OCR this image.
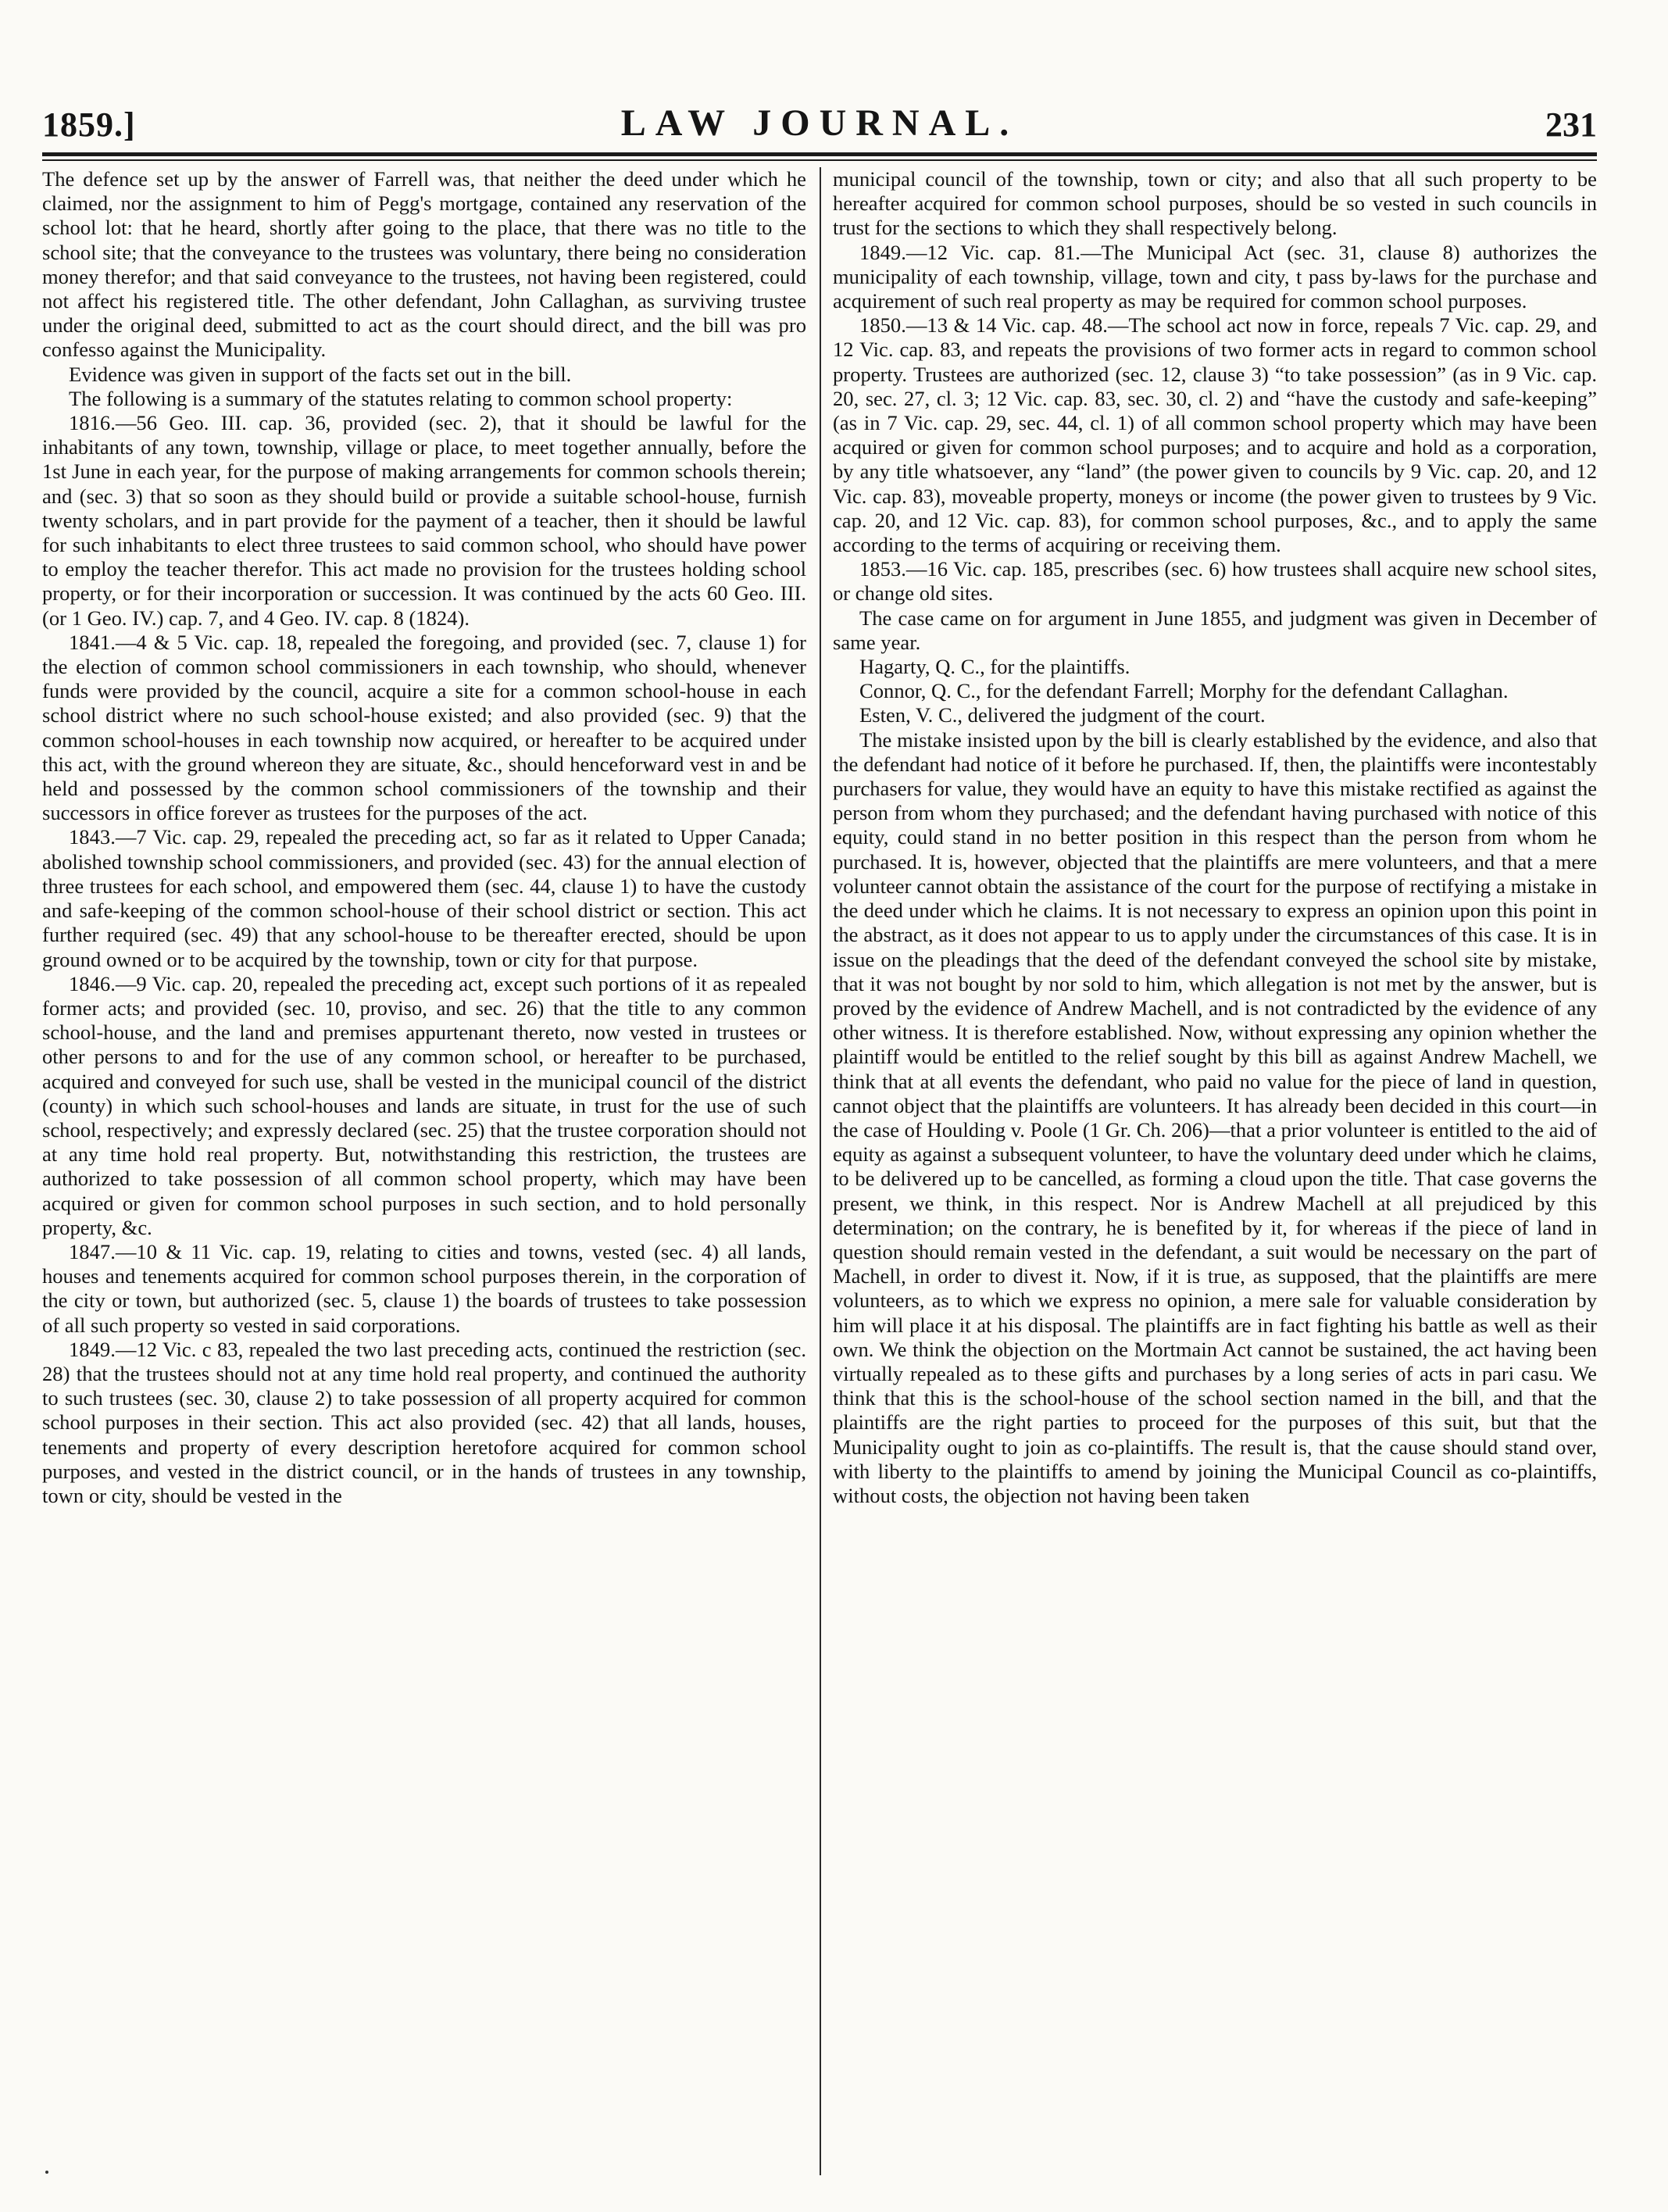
1859.]	LAW JOURNAL.	231

The defence set up by the answer of Farrell was, that neither the deed under which he claimed, nor the assignment to him of Pegg's mortgage, contained any reservation of the school lot: that he heard, shortly after going to the place, that there was no title to the school site; that the conveyance to the trustees was voluntary, there being no consideration money therefor; and that said conveyance to the trustees, not having been registered, could not affect his registered title. The other defendant, John Callaghan, as surviving trustee under the original deed, submitted to act as the court should direct, and the bill was pro confesso against the Municipality.

Evidence was given in support of the facts set out in the bill.

The following is a summary of the statutes relating to common school property:

1816.—56 Geo. III. cap. 36, provided (sec. 2), that it should be lawful for the inhabitants of any town, township, village or place, to meet together annually, before the 1st June in each year, for the purpose of making arrangements for common schools therein; and (sec. 3) that so soon as they should build or provide a suitable school-house, furnish twenty scholars, and in part provide for the payment of a teacher, then it should be lawful for such inhabitants to elect three trustees to said common school, who should have power to employ the teacher therefor. This act made no provision for the trustees holding school property, or for their incorporation or succession. It was continued by the acts 60 Geo. III. (or 1 Geo. IV.) cap. 7, and 4 Geo. IV. cap. 8 (1824).

1841.—4 & 5 Vic. cap. 18, repealed the foregoing, and provided (sec. 7, clause 1) for the election of common school commissioners in each township, who should, whenever funds were provided by the council, acquire a site for a common school-house in each school district where no such school-house existed; and also provided (sec. 9) that the common school-houses in each township now acquired, or hereafter to be acquired under this act, with the ground whereon they are situate, &c., should henceforward vest in and be held and possessed by the common school commissioners of the township and their successors in office forever as trustees for the purposes of the act.

1843.—7 Vic. cap. 29, repealed the preceding act, so far as it related to Upper Canada; abolished township school commissioners, and provided (sec. 43) for the annual election of three trustees for each school, and empowered them (sec. 44, clause 1) to have the custody and safe-keeping of the common school-house of their school district or section. This act further required (sec. 49) that any school-house to be thereafter erected, should be upon ground owned or to be acquired by the township, town or city for that purpose.

1846.—9 Vic. cap. 20, repealed the preceding act, except such portions of it as repealed former acts; and provided (sec. 10, proviso, and sec. 26) that the title to any common school-house, and the land and premises appurtenant thereto, now vested in trustees or other persons to and for the use of any common school, or hereafter to be purchased, acquired and conveyed for such use, shall be vested in the municipal council of the district (county) in which such school-houses and lands are situate, in trust for the use of such school, respectively; and expressly declared (sec. 25) that the trustee corporation should not at any time hold real property. But, notwithstanding this restriction, the trustees are authorized to take possession of all common school property, which may have been acquired or given for common school purposes in such section, and to hold personally property, &c.

1847.—10 & 11 Vic. cap. 19, relating to cities and towns, vested (sec. 4) all lands, houses and tenements acquired for common school purposes therein, in the corporation of the city or town, but authorized (sec. 5, clause 1) the boards of trustees to take possession of all such property so vested in said corporations.

1849.—12 Vic. c 83, repealed the two last preceding acts, continued the restriction (sec. 28) that the trustees should not at any time hold real property, and continued the authority to such trustees (sec. 30, clause 2) to take possession of all property acquired for common school purposes in their section. This act also provided (sec. 42) that all lands, houses, tenements and property of every description heretofore acquired for common school purposes, and vested in the district council, or in the hands of trustees in any township, town or city, should be vested in the

municipal council of the township, town or city; and also that all such property to be hereafter acquired for common school purposes, should be so vested in such councils in trust for the sections to which they shall respectively belong.

1849.—12 Vic. cap. 81.—The Municipal Act (sec. 31, clause 8) authorizes the municipality of each township, village, town and city, t pass by-laws for the purchase and acquirement of such real property as may be required for common school purposes.

1850.—13 & 14 Vic. cap. 48.—The school act now in force, repeals 7 Vic. cap. 29, and 12 Vic. cap. 83, and repeats the provisions of two former acts in regard to common school property. Trustees are authorized (sec. 12, clause 3) “to take possession” (as in 9 Vic. cap. 20, sec. 27, cl. 3; 12 Vic. cap. 83, sec. 30, cl. 2) and “have the custody and safe-keeping” (as in 7 Vic. cap. 29, sec. 44, cl. 1) of all common school property which may have been acquired or given for common school purposes; and to acquire and hold as a corporation, by any title whatsoever, any “land” (the power given to councils by 9 Vic. cap. 20, and 12 Vic. cap. 83), moveable property, moneys or income (the power given to trustees by 9 Vic. cap. 20, and 12 Vic. cap. 83), for common school purposes, &c., and to apply the same according to the terms of acquiring or receiving them.

1853.—16 Vic. cap. 185, prescribes (sec. 6) how trustees shall acquire new school sites, or change old sites.

The case came on for argument in June 1855, and judgment was given in December of same year.

Hagarty, Q. C., for the plaintiffs.

Connor, Q. C., for the defendant Farrell; Morphy for the defendant Callaghan.

Esten, V. C., delivered the judgment of the court.

The mistake insisted upon by the bill is clearly established by the evidence, and also that the defendant had notice of it before he purchased. If, then, the plaintiffs were incontestably purchasers for value, they would have an equity to have this mistake rectified as against the person from whom they purchased; and the defendant having purchased with notice of this equity, could stand in no better position in this respect than the person from whom he purchased. It is, however, objected that the plaintiffs are mere volunteers, and that a mere volunteer cannot obtain the assistance of the court for the purpose of rectifying a mistake in the deed under which he claims. It is not necessary to express an opinion upon this point in the abstract, as it does not appear to us to apply under the circumstances of this case. It is in issue on the pleadings that the deed of the defendant conveyed the school site by mistake, that it was not bought by nor sold to him, which allegation is not met by the answer, but is proved by the evidence of Andrew Machell, and is not contradicted by the evidence of any other witness. It is therefore established. Now, without expressing any opinion whether the plaintiff would be entitled to the relief sought by this bill as against Andrew Machell, we think that at all events the defendant, who paid no value for the piece of land in question, cannot object that the plaintiffs are volunteers. It has already been decided in this court—in the case of Houlding v. Poole (1 Gr. Ch. 206)—that a prior volunteer is entitled to the aid of equity as against a subsequent volunteer, to have the voluntary deed under which he claims, to be delivered up to be cancelled, as forming a cloud upon the title. That case governs the present, we think, in this respect. Nor is Andrew Machell at all prejudiced by this determination; on the contrary, he is benefited by it, for whereas if the piece of land in question should remain vested in the defendant, a suit would be necessary on the part of Machell, in order to divest it. Now, if it is true, as supposed, that the plaintiffs are mere volunteers, as to which we express no opinion, a mere sale for valuable consideration by him will place it at his disposal. The plaintiffs are in fact fighting his battle as well as their own. We think the objection on the Mortmain Act cannot be sustained, the act having been virtually repealed as to these gifts and purchases by a long series of acts in pari casu. We think that this is the school-house of the school section named in the bill, and that the plaintiffs are the right parties to proceed for the purposes of this suit, but that the Municipality ought to join as co-plaintiffs. The result is, that the cause should stand over, with liberty to the plaintiffs to amend by joining the Municipal Council as co-plaintiffs, without costs, the objection not having been taken
